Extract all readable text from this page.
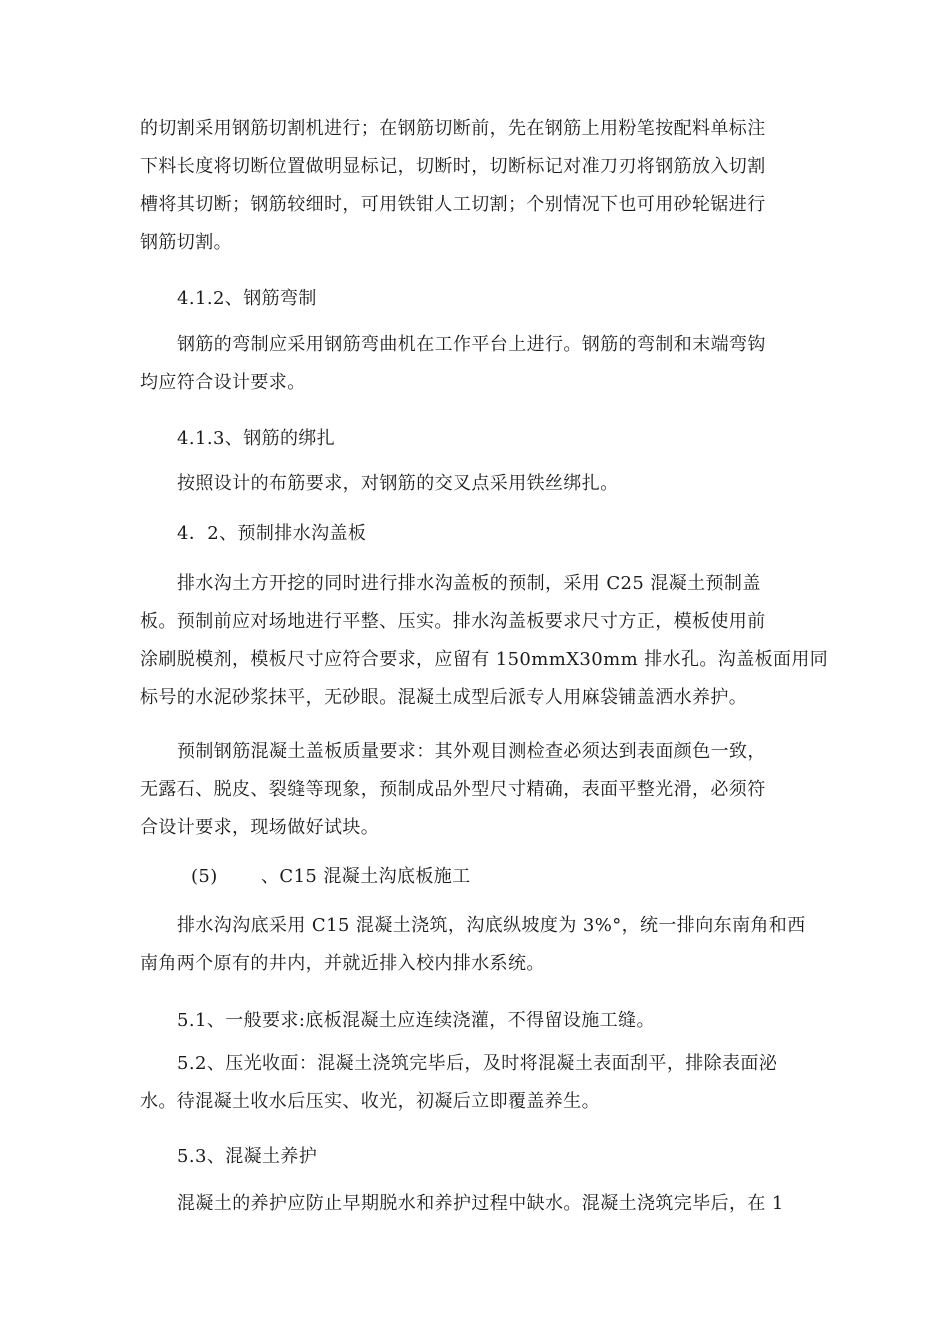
的切割采用钢筋切割机进行；在钢筋切断前，先在钢筋上用粉笔按配料单标注
下料长度将切断位置做明显标记，切断时，切断标记对准刀刃将钢筋放入切割
槽将其切断；钢筋较细时，可用铁钳人工切割；个别情况下也可用砂轮锯进行
钢筋切割。

4.1.2、钢筋弯制

钢筋的弯制应采用钢筋弯曲机在工作平台上进行。钢筋的弯制和末端弯钩
均应符合设计要求。

4.1.3、钢筋的绑扎

按照设计的布筋要求，对钢筋的交叉点采用铁丝绑扎。

4．2、预制排水沟盖板

排水沟土方开挖的同时进行排水沟盖板的预制，采用 C25 混凝土预制盖
板。预制前应对场地进行平整、压实。排水沟盖板要求尺寸方正，模板使用前
涂刷脱模剂，模板尺寸应符合要求，应留有 150mmX30mm 排水孔。沟盖板面用同
标号的水泥砂浆抹平，无砂眼。混凝土成型后派专人用麻袋铺盖洒水养护。

预制钢筋混凝土盖板质量要求：其外观目测检查必须达到表面颜色一致，
无露石、脱皮、裂缝等现象，预制成品外型尺寸精确，表面平整光滑，必须符
合设计要求，现场做好试块。

(5) 、C15 混凝土沟底板施工

排水沟沟底采用 C15 混凝土浇筑，沟底纵坡度为 3%°，统一排向东南角和西
南角两个原有的井内，并就近排入校内排水系统。

5.1、一般要求:底板混凝土应连续浇灌，不得留设施工缝。

5.2、压光收面：混凝土浇筑完毕后，及时将混凝土表面刮平，排除表面泌
水。待混凝土收水后压实、收光，初凝后立即覆盖养生。

5.3、混凝土养护

混凝土的养护应防止早期脱水和养护过程中缺水。混凝土浇筑完毕后，在 1
